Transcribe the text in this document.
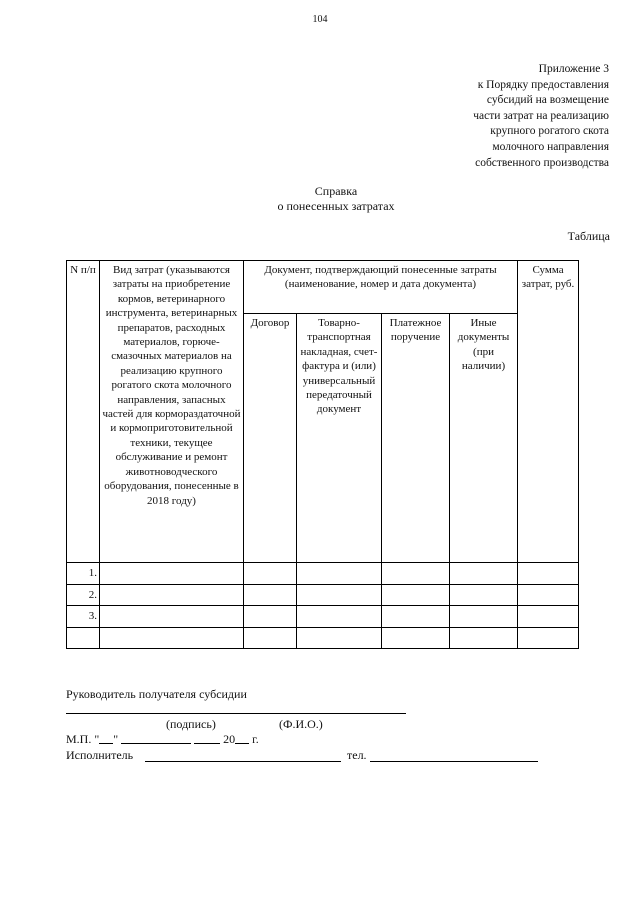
104
Приложение 3
к Порядку предоставления
субсидий на возмещение
части затрат на реализацию
крупного рогатого скота
молочного направления
собственного производства
Справка
о понесенных затратах
Таблица
N п/п	Вид затрат (указываются затраты на приобретение кормов, ветеринарного инструмента, ветеринарных препаратов, расходных материалов, горюче-смазочных материалов на реализацию крупного рогатого скота молочного направления, запасных частей для кормораздаточной и кормоприготовительной техники, текущее обслуживание и ремонт животноводческого оборудования, понесенные в 2018 году)	Документ, подтверждающий понесенные затраты (наименование, номер и дата документа)				Сумма затрат, руб.
		Договор	Товарно-транспортная накладная, счет-фактура и (или) универсальный передаточный документ	Платежное поручение	Иные документы (при наличии)	
1.						
2.						
3.						

Руководитель получателя субсидии
(подпись)	(Ф.И.О.)
М.П. " "	20 г.
Исполнитель	тел.
